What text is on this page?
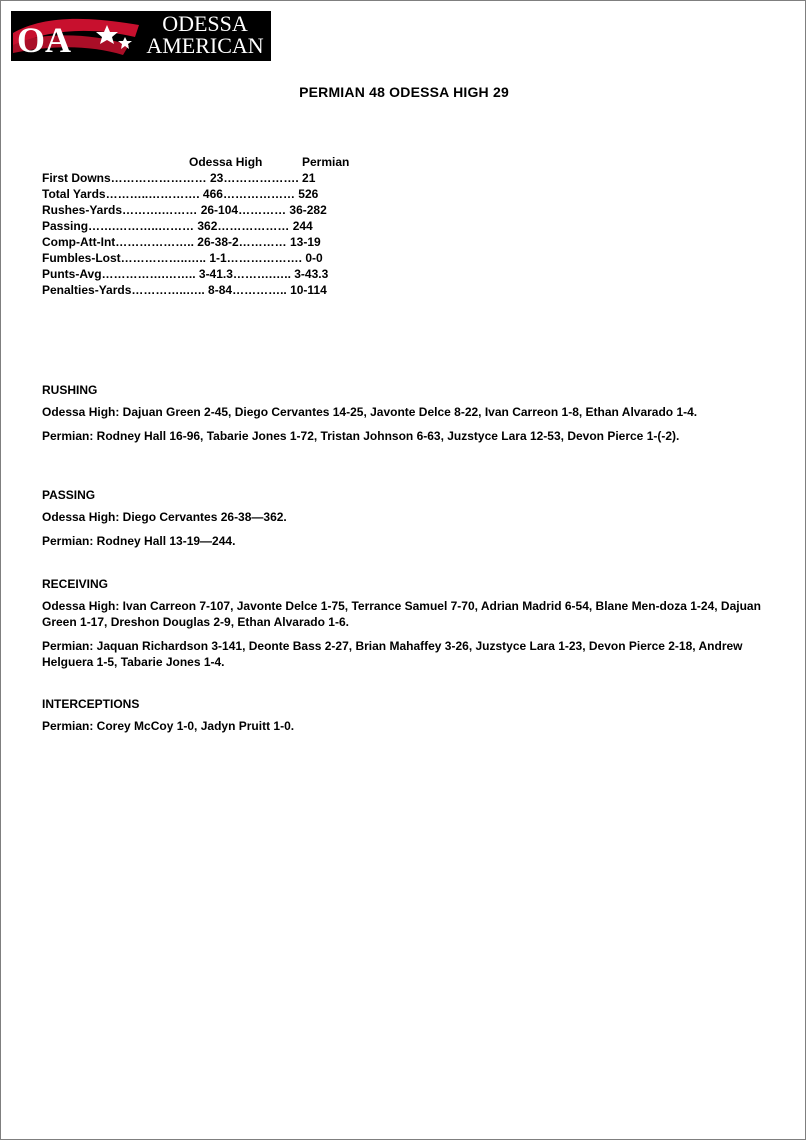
OA	ODESSA
AMERICAN
PERMIAN 48 ODESSA HIGH 29
Odessa High	Permian
First Downs…………………… 23………………. 21
Total Yards………..…………. 466……………… 526
Rushes-Yards……….……… 26-104………… 36-282
Passing…….………..……… 362……………… 244
Comp-Att-Int……………….. 26-38-2………… 13-19
Fumbles-Lost……………..….. 1-1………………. 0-0
Punts-Avg…………….…….. 3-41.3……….….. 3-43.3
Penalties-Yards…………..….. 8-84………….. 10-114
RUSHING

Odessa High: Dajuan Green 2-45, Diego Cervantes 14-25, Javonte Delce 8-22, Ivan Carreon 1-8, Ethan Alvarado 1-4.

Permian: Rodney Hall 16-96, Tabarie Jones 1-72, Tristan Johnson 6-63, Juzstyce Lara 12-53, Devon Pierce 1-(-2).

PASSING

Odessa High: Diego Cervantes 26-38—362.

Permian: Rodney Hall 13-19—244.

RECEIVING

Odessa High: Ivan Carreon 7-107, Javonte Delce 1-75, Terrance Samuel 7-70, Adrian Madrid 6-54, Blane Men-doza 1-24, Dajuan Green 1-17, Dreshon Douglas 2-9, Ethan Alvarado 1-6.

Permian: Jaquan Richardson 3-141, Deonte Bass 2-27, Brian Mahaffey 3-26, Juzstyce Lara 1-23, Devon Pierce 2-18, Andrew Helguera 1-5, Tabarie Jones 1-4.

INTERCEPTIONS

Permian: Corey McCoy 1-0, Jadyn Pruitt 1-0.
